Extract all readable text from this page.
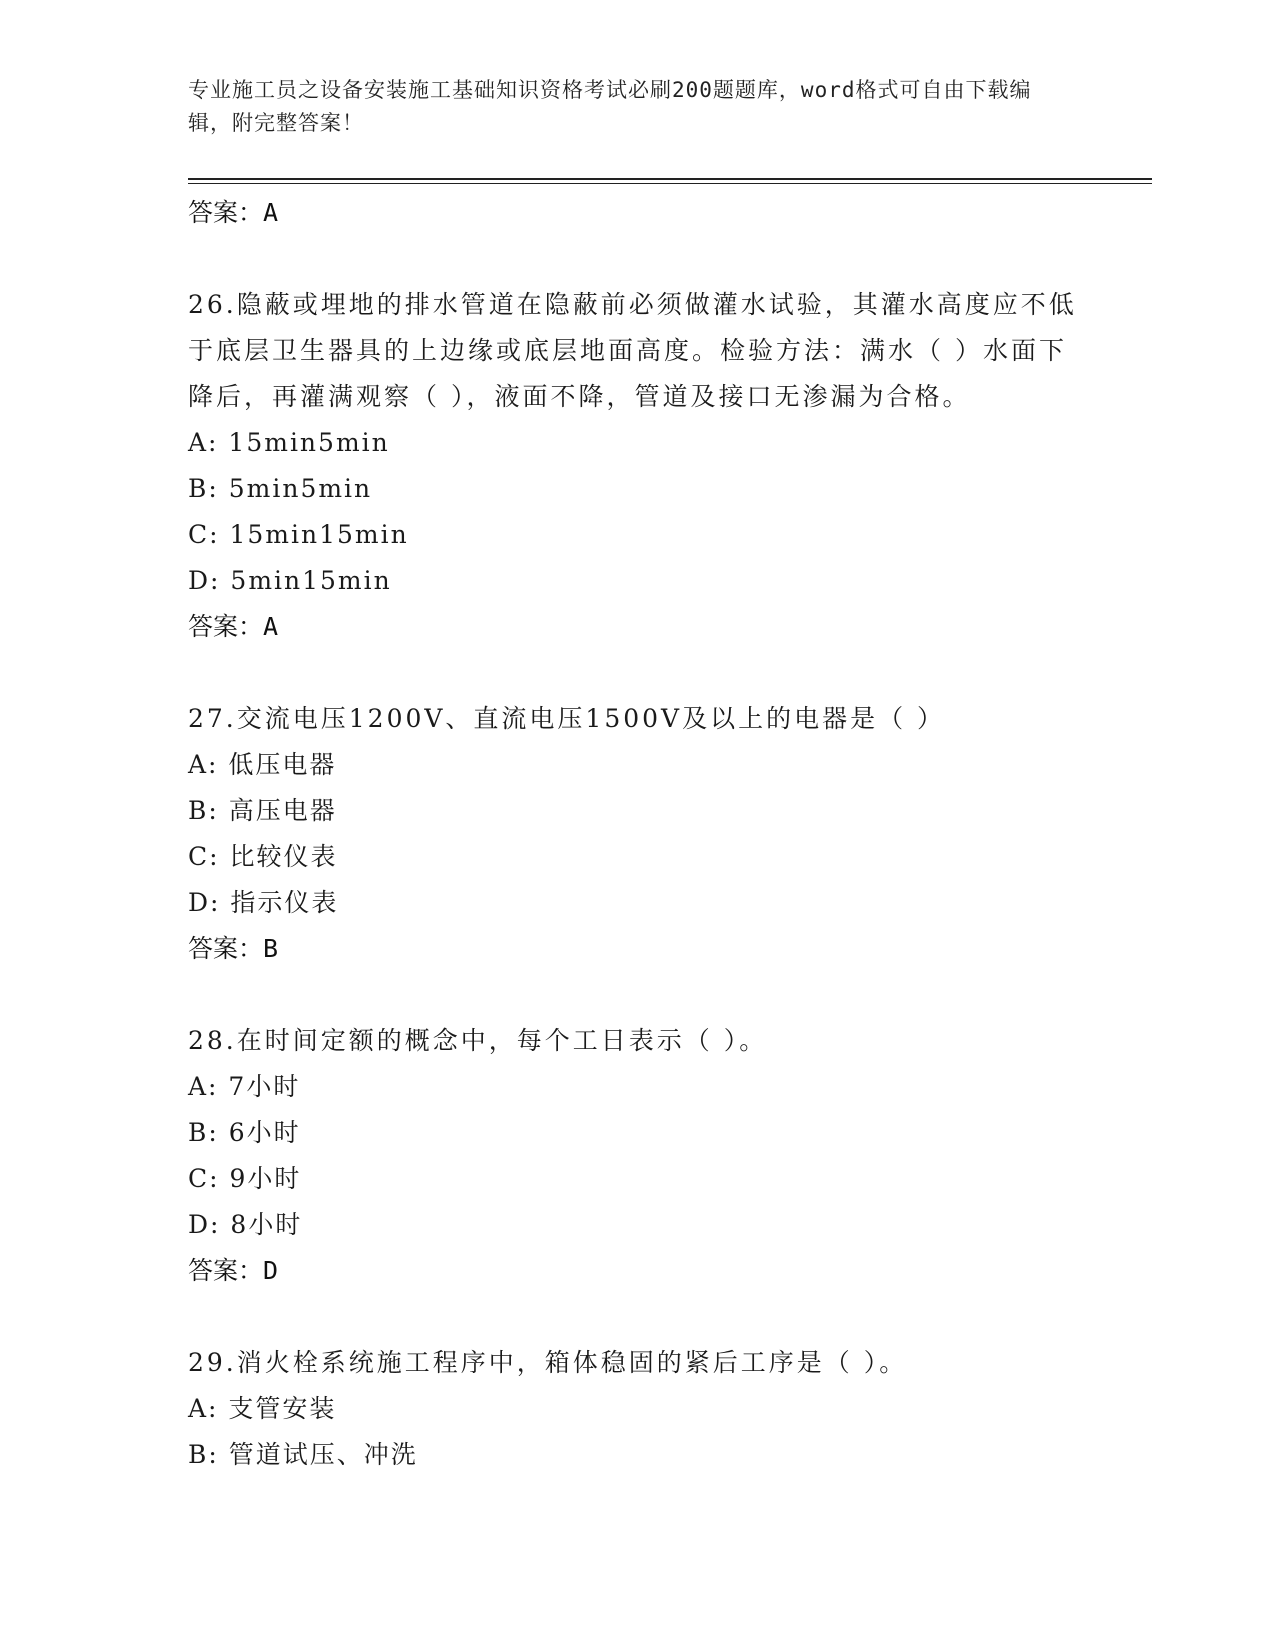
专业施工员之设备安装施工基础知识资格考试必刷200题题库，word格式可自由下载编辑，附完整答案！
答案：A
26.隐蔽或埋地的排水管道在隐蔽前必须做灌水试验，其灌水高度应不低于底层卫生器具的上边缘或底层地面高度。检验方法：满水（ ）水面下降后，再灌满观察（ ），液面不降，管道及接口无渗漏为合格。
A: 15min5min
B: 5min5min
C: 15min15min
D: 5min15min
答案：A
27.交流电压1200V、直流电压1500V及以上的电器是（ ）
A: 低压电器
B: 高压电器
C: 比较仪表
D: 指示仪表
答案：B
28.在时间定额的概念中，每个工日表示（ ）。
A: 7小时
B: 6小时
C: 9小时
D: 8小时
答案：D
29.消火栓系统施工程序中，箱体稳固的紧后工序是（ ）。
A: 支管安装
B: 管道试压、冲洗
